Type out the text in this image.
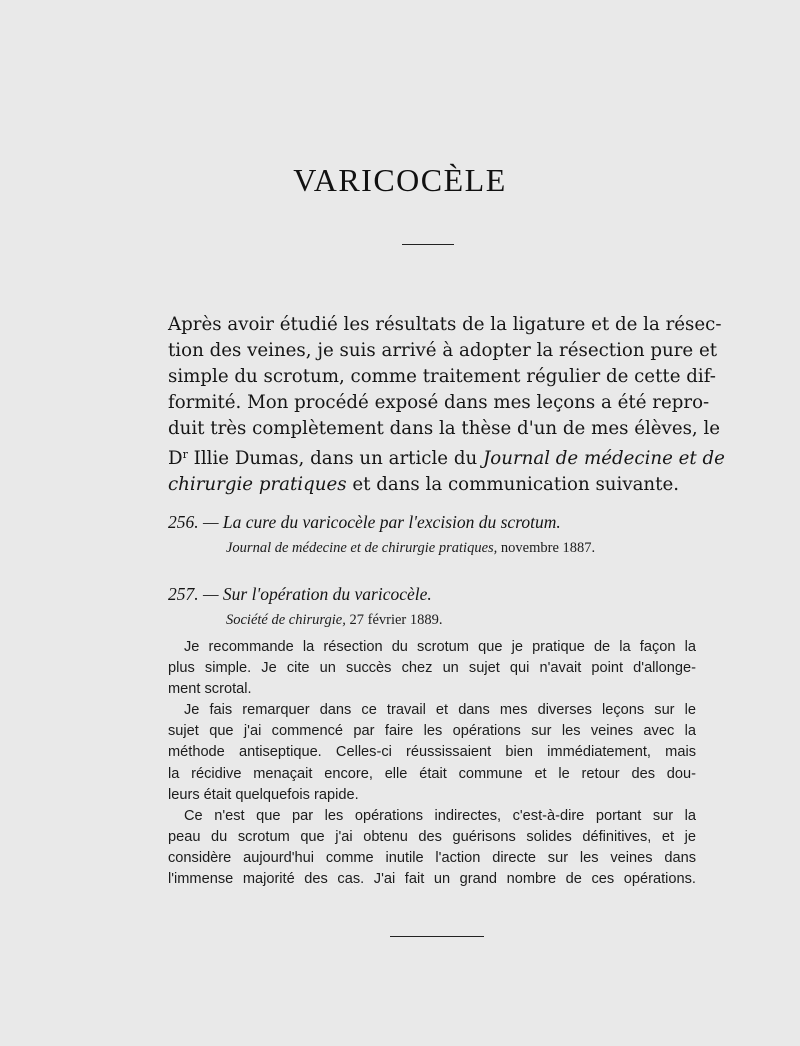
VARICOCÈLE
Après avoir étudié les résultats de la ligature et de la résec-
tion des veines, je suis arrivé à adopter la résection pure et
simple du scrotum, comme traitement régulier de cette dif-
formité. Mon procédé exposé dans mes leçons a été repro-
duit très complètement dans la thèse d'un de mes élèves, le
$D^r$ Illie Dumas, dans un article du Journal de médecine et de
chirurgie pratiques et dans la communication suivante.
256. — La cure du varicocèle par l'excision du scrotum.
Journal de médecine et de chirurgie pratiques, novembre 1887.
257. — Sur l'opération du varicocèle.
Société de chirurgie, 27 février 1889.
Je recommande la résection du scrotum que je pratique de la façon la
plus simple. Je cite un succès chez un sujet qui n'avait point d'allonge-
ment scrotal.
Je fais remarquer dans ce travail et dans mes diverses leçons sur le
sujet que j'ai commencé par faire les opérations sur les veines avec la
méthode antiseptique. Celles-ci réussissaient bien immédiatement, mais
la récidive menaçait encore, elle était commune et le retour des dou-
leurs était quelquefois rapide.
Ce n'est que par les opérations indirectes, c'est-à-dire portant sur la
peau du scrotum que j'ai obtenu des guérisons solides définitives, et je
considère aujourd'hui comme inutile l'action directe sur les veines dans
l'immense majorité des cas. J'ai fait un grand nombre de ces opérations.
